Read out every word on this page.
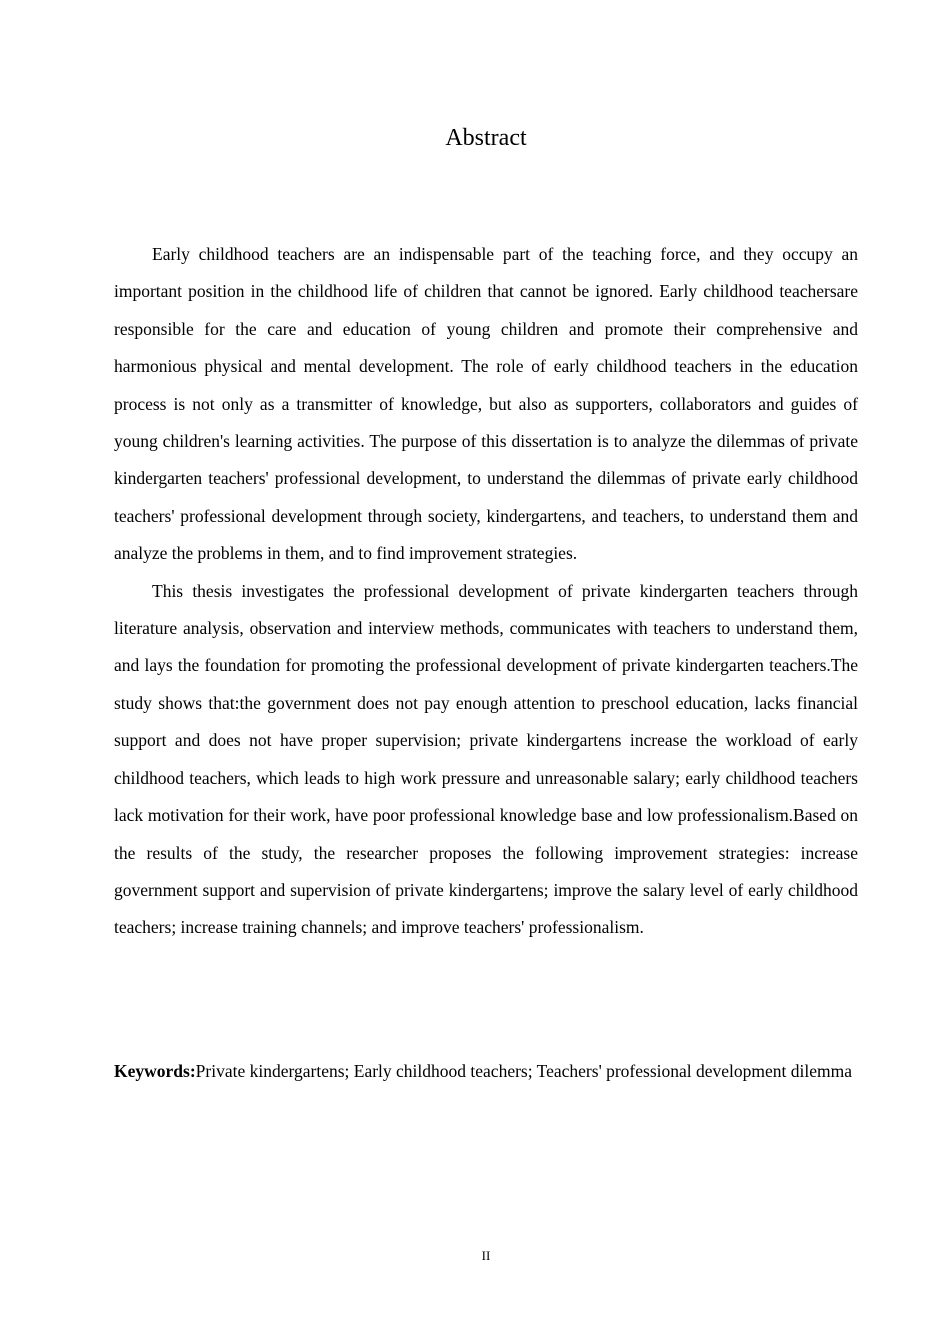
Abstract

Early childhood teachers are an indispensable part of the teaching force, and they occupy an important position in the childhood life of children that cannot be ignored. Early childhood teachersare responsible for the care and education of young children and promote their comprehensive and harmonious physical and mental development. The role of early childhood teachers in the education process is not only as a transmitter of knowledge, but also as supporters, collaborators and guides of young children's learning activities. The purpose of this dissertation is to analyze the dilemmas of private kindergarten teachers' professional development, to understand the dilemmas of private early childhood teachers' professional development through society, kindergartens, and teachers, to understand them and analyze the problems in them, and to find improvement strategies.

This thesis investigates the professional development of private kindergarten teachers through literature analysis, observation and interview methods, communicates with teachers to understand them, and lays the foundation for promoting the professional development of private kindergarten teachers.The study shows that:the government does not pay enough attention to preschool education, lacks financial support and does not have proper supervision; private kindergartens increase the workload of early childhood teachers, which leads to high work pressure and unreasonable salary; early childhood teachers lack motivation for their work, have poor professional knowledge base and low professionalism.Based on the results of the study, the researcher proposes the following improvement strategies: increase government support and supervision of private kindergartens; improve the salary level of early childhood teachers; increase training channels; and improve teachers' professionalism.

Keywords:Private kindergartens; Early childhood teachers; Teachers' professional development dilemma
II
